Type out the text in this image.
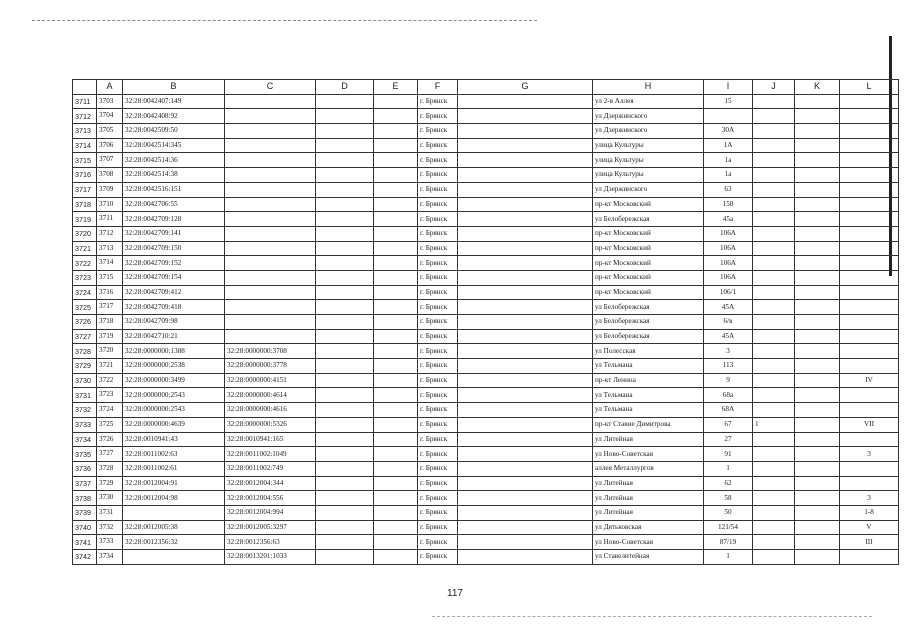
	A	B	C	D	E	F	G	H	I	J	K	L
3711	3703	32:28:0042407:149				г. Брянск		ул 2-я Аллея	15			
3712	3704	32:28:0042408:92				г. Брянск		ул Дзержинского				
3713	3705	32:28:0042509:50				г. Брянск		ул Дзержинского	30А			
3714	3706	32:28:0042514:345				г. Брянск		улица Культуры	1А			
3715	3707	32:28:0042514:36				г. Брянск		улица Культуры	1а			
3716	3708	32:28:0042514:38				г. Брянск		улица Культуры	1а			
3717	3709	32:28:0042516:151				г. Брянск		ул Дзержинского	63			
3718	3710	32:28:0042706:55				г. Брянск		пр-кт Московский	150			
3719	3711	32:28:0042709:128				г. Брянск		ул Белобережская	45а			
3720	3712	32:28:0042709:141				г. Брянск		пр-кт Московский	106А			
3721	3713	32:28:0042709:150				г. Брянск		пр-кт Московский	106А			
3722	3714	32:28:0042709:152				г. Брянск		пр-кт Московский	106А			
3723	3715	32:28:0042709:154				г. Брянск		пр-кт Московский	106А			
3724	3716	32:28:0042709:412				г. Брянск		пр-кт Московский	106/1			
3725	3717	32:28:0042709:418				г. Брянск		ул Белобережская	45А			
3726	3718	32:28:0042709:98				г. Брянск		ул Белобережская	6/в			
3727	3719	32:28:0042710:21				г. Брянск		ул Белобережская	45А			
3728	3720	32:28:0000000:1388	32:28:0000000:3708			г. Брянск		ул Полесская	3			
3729	3721	32:28:0000000:2538	32:28:0000000:3778			г. Брянск		ул Тельмана	113			
3730	3722	32:28:0000000:3499	32:28:0000000:4151			г. Брянск		пр-кт Ленина	9			IV
3731	3723	32:28:0000000:2543	32:28:0000000:4614			г. Брянск		ул Тельмана	68а			
3732	3724	32:28:0000000:2543	32:28:0000000:4616			г. Брянск		ул Тельмана	68А			
3733	3725	32:28:0000000:4639	32:28:0000000:5326			г. Брянск		пр-кт Ставие Димитрова	67	1		VII
3734	3726	32:28:0010941:43	32:28:0010941:165			г. Брянск		ул Литейная	27			
3735	3727	32:28:0011002:63	32:28:0011002:1049			г. Брянск		ул Ново-Советская	91			3
3736	3728	32:28:0011002:61	32:28:0011002:749			г. Брянск		аллея Металлургов	1			
3737	3729	32:28:0012004:91	32:28:0012004:344			г. Брянск		ул Литейная	62			
3738	3730	32:28:0012004:98	32:28:0012004:556			г. Брянск		ул Литейная	58			3
3739	3731		32:28:0012004:994			г. Брянск		ул Литейная	50			1-8
3740	3732	32:28:0012005:38	32:28:0012005:3297			г. Брянск		ул Дятьковская	121/54			V
3741	3733	32:28:0012356:32	32:28:0012356:63			г. Брянск		ул Ново-Советская	87/19			III
3742	3734		32:28:0013201:1033			г. Брянск		ул Ставелитейная	1			
117
